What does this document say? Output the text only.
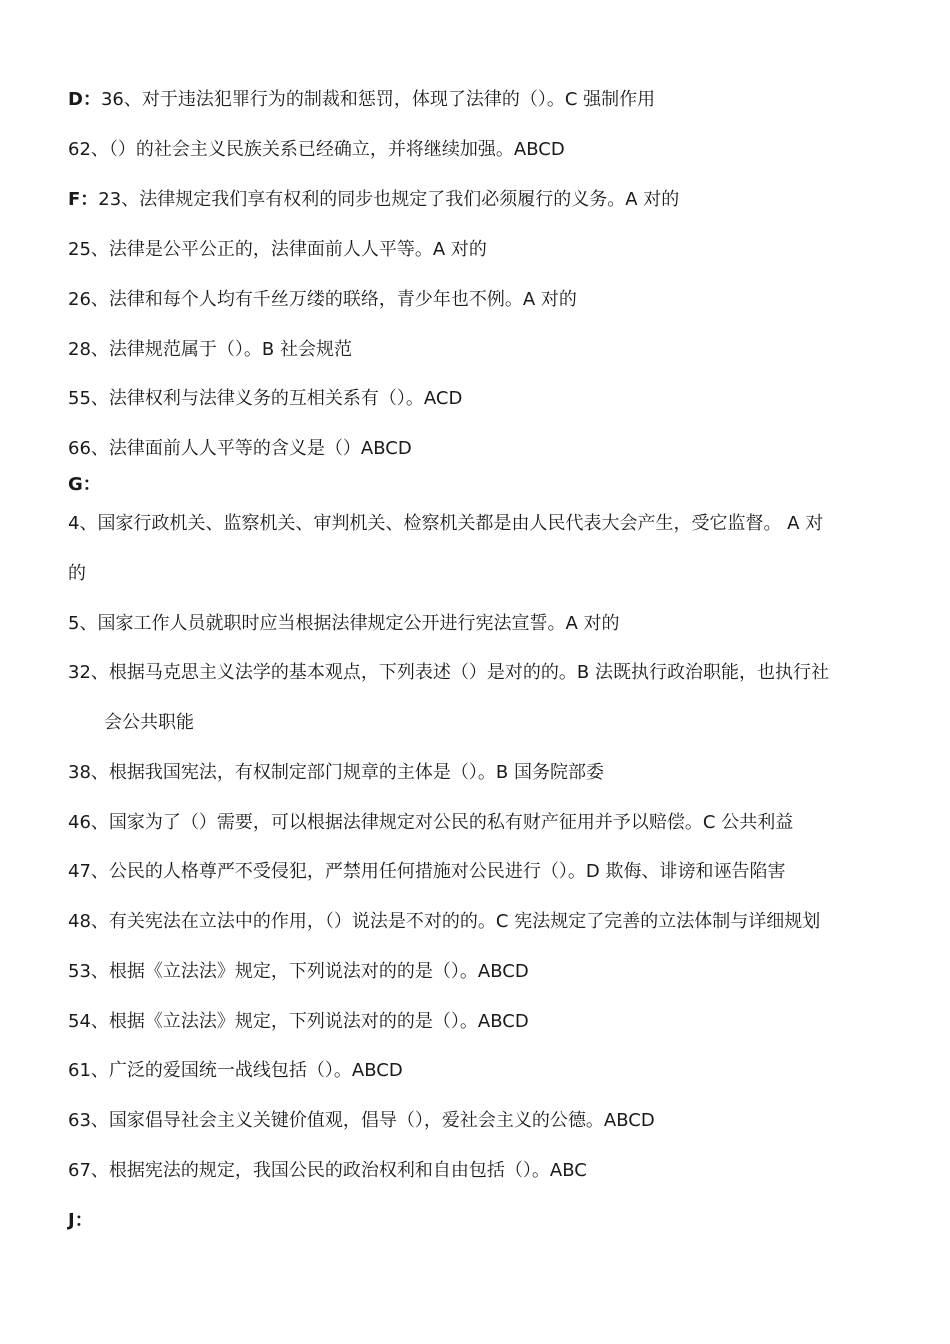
D：36、对于违法犯罪行为的制裁和惩罚，体现了法律的（）。C 强制作用
62、（）的社会主义民族关系已经确立，并将继续加强。ABCD
F：23、法律规定我们享有权利的同步也规定了我们必须履行的义务。A 对的
25、法律是公平公正的，法律面前人人平等。A 对的
26、法律和每个人均有千丝万缕的联络，青少年也不例。A 对的
28、法律规范属于（）。B 社会规范
55、法律权利与法律义务的互相关系有（）。ACD
66、法律面前人人平等的含义是（）ABCD
G：
4、国家行政机关、监察机关、审判机关、检察机关都是由人民代表大会产生，受它监督。 A 对
的
5、国家工作人员就职时应当根据法律规定公开进行宪法宣誓。A 对的
32、根据马克思主义法学的基本观点，下列表述（）是对的的。B 法既执行政治职能，也执行社
会公共职能
38、根据我国宪法，有权制定部门规章的主体是（）。B 国务院部委
46、国家为了（）需要，可以根据法律规定对公民的私有财产征用并予以赔偿。C 公共利益
47、公民的人格尊严不受侵犯，严禁用任何措施对公民进行（）。D 欺侮、诽谤和诬告陷害
48、有关宪法在立法中的作用，（）说法是不对的的。C 宪法规定了完善的立法体制与详细规划
53、根据《立法法》规定，下列说法对的的是（）。ABCD
54、根据《立法法》规定，下列说法对的的是（）。ABCD
61、广泛的爱国统一战线包括（）。ABCD
63、国家倡导社会主义关键价值观，倡导（），爱社会主义的公德。ABCD
67、根据宪法的规定，我国公民的政治权利和自由包括（）。ABC
J：
